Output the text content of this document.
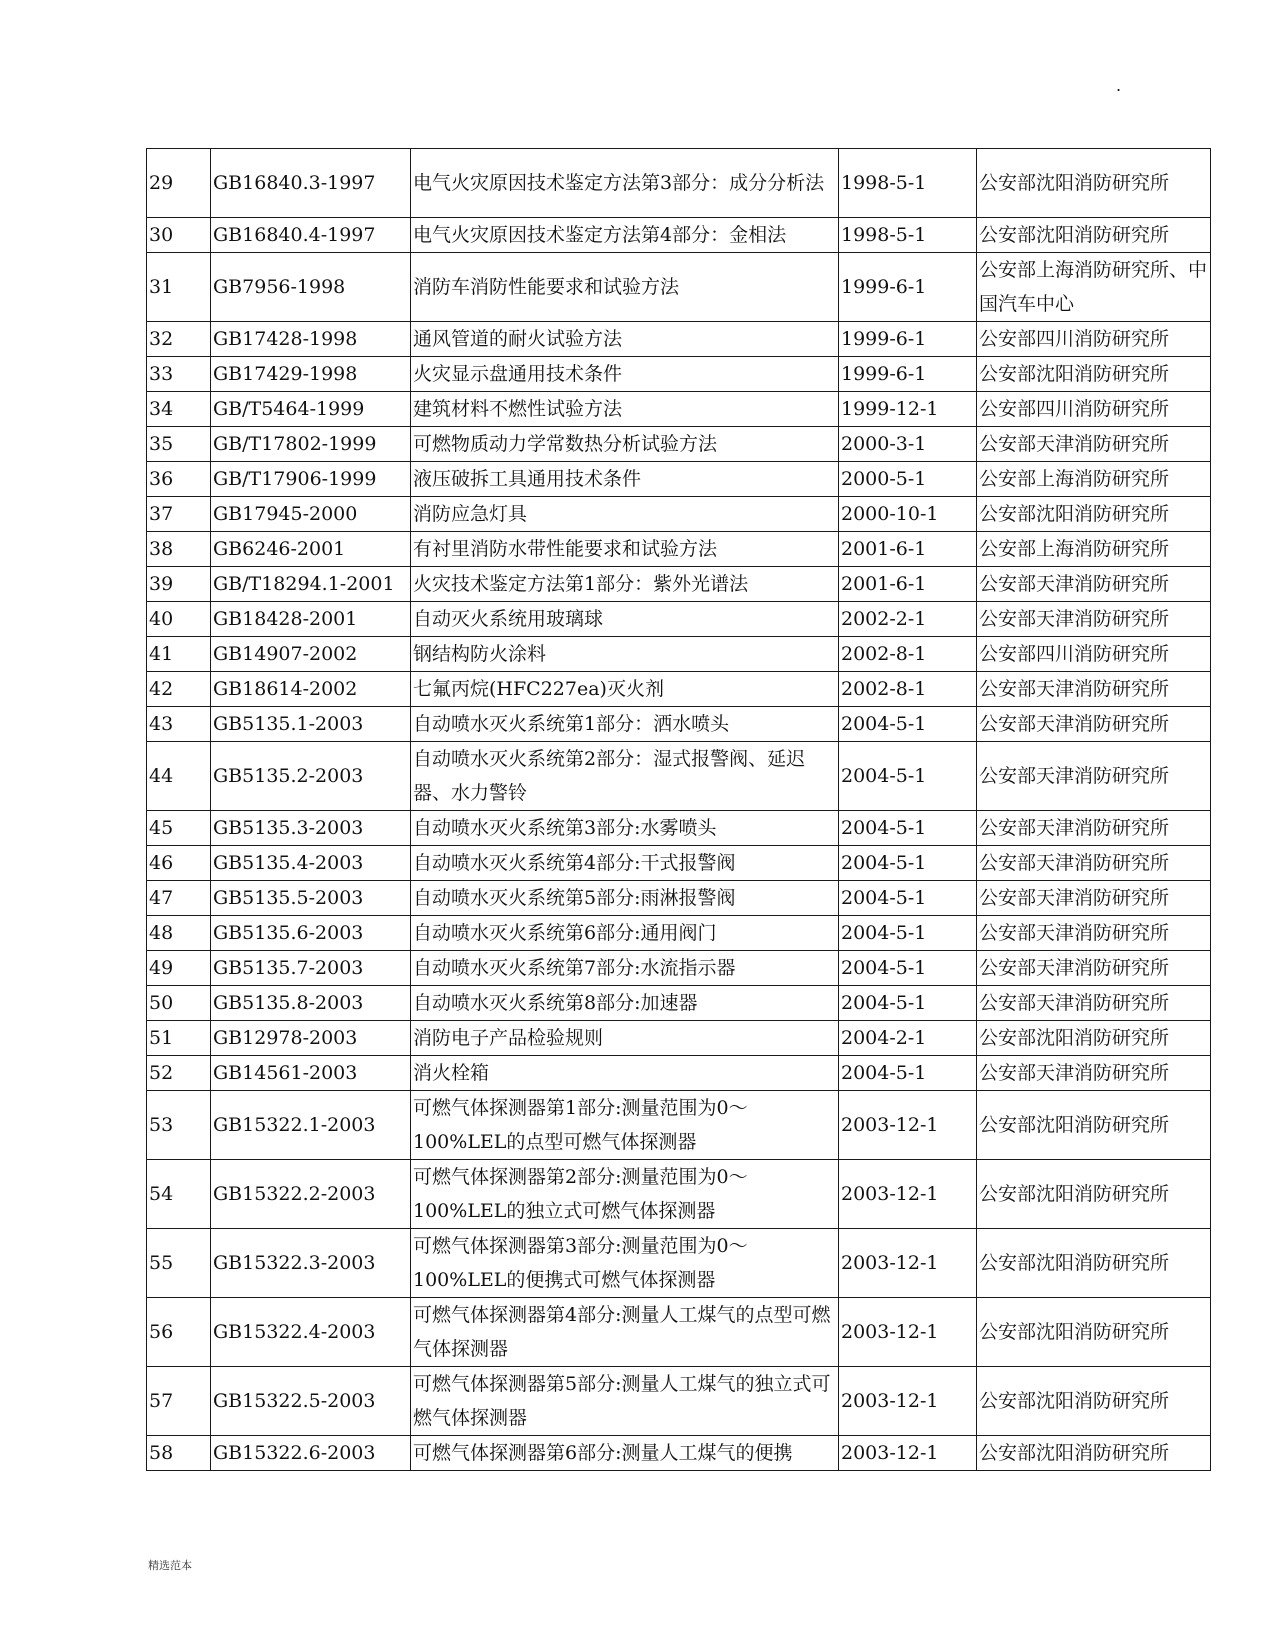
.
29	GB16840.3-1997	电气火灾原因技术鉴定方法第3部分：成分分析法	1998-5-1	公安部沈阳消防研究所
30	GB16840.4-1997	电气火灾原因技术鉴定方法第4部分：金相法	1998-5-1	公安部沈阳消防研究所
31	GB7956-1998	消防车消防性能要求和试验方法	1999-6-1	公安部上海消防研究所、中国汽车中心
32	GB17428-1998	通风管道的耐火试验方法	1999-6-1	公安部四川消防研究所
33	GB17429-1998	火灾显示盘通用技术条件	1999-6-1	公安部沈阳消防研究所
34	GB/T5464-1999	建筑材料不燃性试验方法	1999-12-1	公安部四川消防研究所
35	GB/T17802-1999	可燃物质动力学常数热分析试验方法	2000-3-1	公安部天津消防研究所
36	GB/T17906-1999	液压破拆工具通用技术条件	2000-5-1	公安部上海消防研究所
37	GB17945-2000	消防应急灯具	2000-10-1	公安部沈阳消防研究所
38	GB6246-2001	有衬里消防水带性能要求和试验方法	2001-6-1	公安部上海消防研究所
39	GB/T18294.1-2001	火灾技术鉴定方法第1部分：紫外光谱法	2001-6-1	公安部天津消防研究所
40	GB18428-2001	自动灭火系统用玻璃球	2002-2-1	公安部天津消防研究所
41	GB14907-2002	钢结构防火涂料	2002-8-1	公安部四川消防研究所
42	GB18614-2002	七氟丙烷(HFC227ea)灭火剂	2002-8-1	公安部天津消防研究所
43	GB5135.1-2003	自动喷水灭火系统第1部分：洒水喷头	2004-5-1	公安部天津消防研究所
44	GB5135.2-2003	自动喷水灭火系统第2部分：湿式报警阀、延迟器、水力警铃	2004-5-1	公安部天津消防研究所
45	GB5135.3-2003	自动喷水灭火系统第3部分:水雾喷头	2004-5-1	公安部天津消防研究所
46	GB5135.4-2003	自动喷水灭火系统第4部分:干式报警阀	2004-5-1	公安部天津消防研究所
47	GB5135.5-2003	自动喷水灭火系统第5部分:雨淋报警阀	2004-5-1	公安部天津消防研究所
48	GB5135.6-2003	自动喷水灭火系统第6部分:通用阀门	2004-5-1	公安部天津消防研究所
49	GB5135.7-2003	自动喷水灭火系统第7部分:水流指示器	2004-5-1	公安部天津消防研究所
50	GB5135.8-2003	自动喷水灭火系统第8部分:加速器	2004-5-1	公安部天津消防研究所
51	GB12978-2003	消防电子产品检验规则	2004-2-1	公安部沈阳消防研究所
52	GB14561-2003	消火栓箱	2004-5-1	公安部天津消防研究所
53	GB15322.1-2003	可燃气体探测器第1部分:测量范围为0～100%LEL的点型可燃气体探测器	2003-12-1	公安部沈阳消防研究所
54	GB15322.2-2003	可燃气体探测器第2部分:测量范围为0～100%LEL的独立式可燃气体探测器	2003-12-1	公安部沈阳消防研究所
55	GB15322.3-2003	可燃气体探测器第3部分:测量范围为0～100%LEL的便携式可燃气体探测器	2003-12-1	公安部沈阳消防研究所
56	GB15322.4-2003	可燃气体探测器第4部分:测量人工煤气的点型可燃气体探测器	2003-12-1	公安部沈阳消防研究所
57	GB15322.5-2003	可燃气体探测器第5部分:测量人工煤气的独立式可燃气体探测器	2003-12-1	公安部沈阳消防研究所
58	GB15322.6-2003	可燃气体探测器第6部分:测量人工煤气的便携	2003-12-1	公安部沈阳消防研究所
精选范本
